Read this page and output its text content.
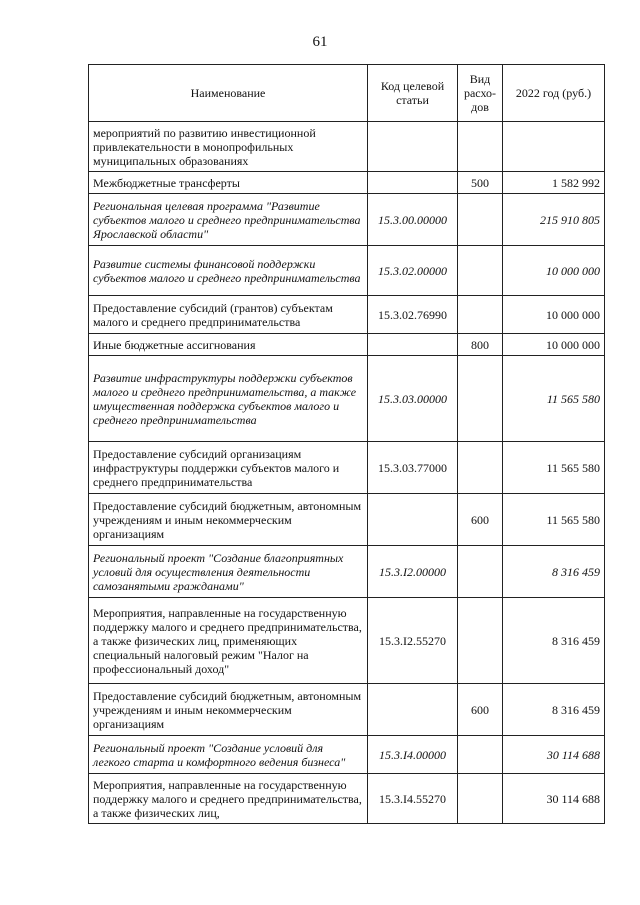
61
Наименование	Код целевой статьи	Вид расхо-дов	2022 год (руб.)
мероприятий по развитию инвестиционной привлекательности в монопрофильных муниципальных образованиях			
Межбюджетные трансферты		500	1 582 992
Региональная целевая программа "Развитие субъектов малого и среднего предпринимательства Ярославской области"	15.3.00.00000		215 910 805
Развитие системы финансовой поддержки субъектов малого и среднего предпринимательства	15.3.02.00000		10 000 000
Предоставление субсидий (грантов) субъектам малого и среднего предпринимательства	15.3.02.76990		10 000 000
Иные бюджетные ассигнования		800	10 000 000
Развитие инфраструктуры поддержки субъектов малого и среднего предпринимательства, а также имущественная поддержка субъектов малого и среднего предпринимательства	15.3.03.00000		11 565 580
Предоставление субсидий организациям инфраструктуры поддержки субъектов малого и среднего предпринимательства	15.3.03.77000		11 565 580
Предоставление субсидий бюджетным, автономным учреждениям и иным некоммерческим организациям		600	11 565 580
Региональный проект "Создание благоприятных условий для осуществления деятельности самозанятыми гражданами"	15.3.I2.00000		8 316 459
Мероприятия, направленные на государственную поддержку малого и среднего предпринимательства, а также физических лиц, применяющих специальный налоговый режим "Налог на профессиональный доход"	15.3.I2.55270		8 316 459
Предоставление субсидий бюджетным, автономным учреждениям и иным некоммерческим организациям		600	8 316 459
Региональный проект "Создание условий для легкого старта и комфортного ведения бизнеса"	15.3.I4.00000		30 114 688
Мероприятия, направленные на государственную поддержку малого и среднего предпринимательства, а также физических лиц,	15.3.I4.55270		30 114 688
